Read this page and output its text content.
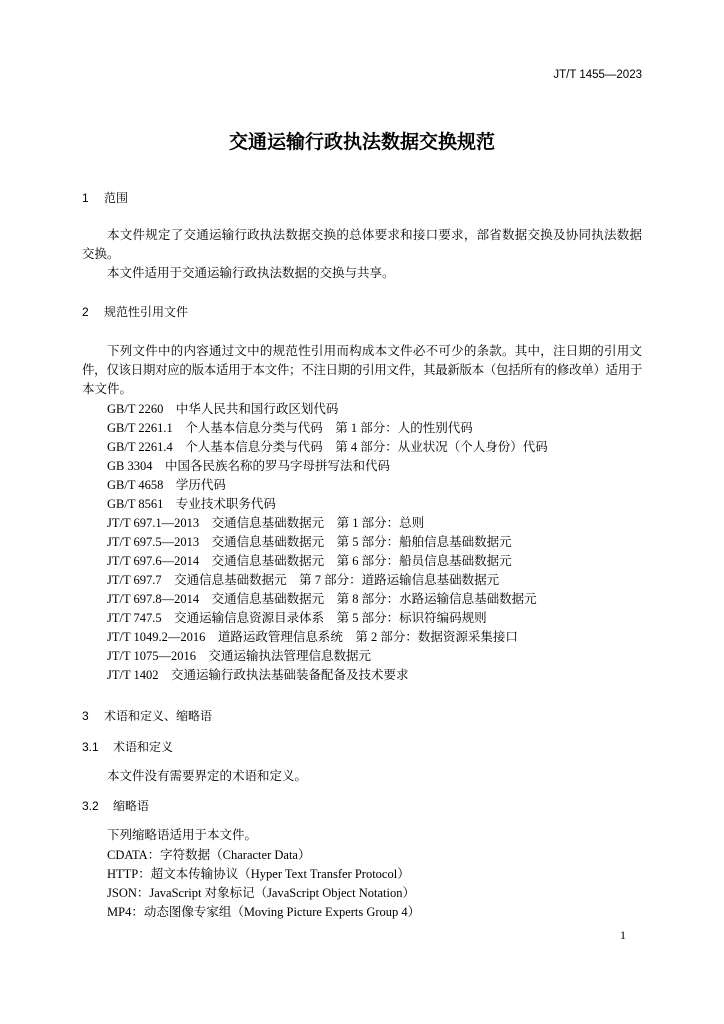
JT/T 1455—2023
交通运输行政执法数据交换规范
1 范围
本文件规定了交通运输行政执法数据交换的总体要求和接口要求，部省数据交换及协同执法数据
交换。
本文件适用于交通运输行政执法数据的交换与共享。
2 规范性引用文件
下列文件中的内容通过文中的规范性引用而构成本文件必不可少的条款。其中，注日期的引用文
件，仅该日期对应的版本适用于本文件；不注日期的引用文件，其最新版本（包括所有的修改单）适用于
本文件。
GB/T 2260　中华人民共和国行政区划代码
GB/T 2261.1　个人基本信息分类与代码　第 1 部分：人的性别代码
GB/T 2261.4　个人基本信息分类与代码　第 4 部分：从业状况（个人身份）代码
GB 3304　中国各民族名称的罗马字母拼写法和代码
GB/T 4658　学历代码
GB/T 8561　专业技术职务代码
JT/T 697.1—2013　交通信息基础数据元　第 1 部分：总则
JT/T 697.5—2013　交通信息基础数据元　第 5 部分：船舶信息基础数据元
JT/T 697.6—2014　交通信息基础数据元　第 6 部分：船员信息基础数据元
JT/T 697.7　交通信息基础数据元　第 7 部分：道路运输信息基础数据元
JT/T 697.8—2014　交通信息基础数据元　第 8 部分：水路运输信息基础数据元
JT/T 747.5　交通运输信息资源目录体系　第 5 部分：标识符编码规则
JT/T 1049.2—2016　道路运政管理信息系统　第 2 部分：数据资源采集接口
JT/T 1075—2016　交通运输执法管理信息数据元
JT/T 1402　交通运输行政执法基础装备配备及技术要求
3 术语和定义、缩略语
3.1 术语和定义
本文件没有需要界定的术语和定义。
3.2 缩略语
下列缩略语适用于本文件。
CDATA：字符数据（Character Data）
HTTP：超文本传输协议（Hyper Text Transfer Protocol）
JSON：JavaScript 对象标记（JavaScript Object Notation）
MP4：动态图像专家组（Moving Picture Experts Group 4）
1
